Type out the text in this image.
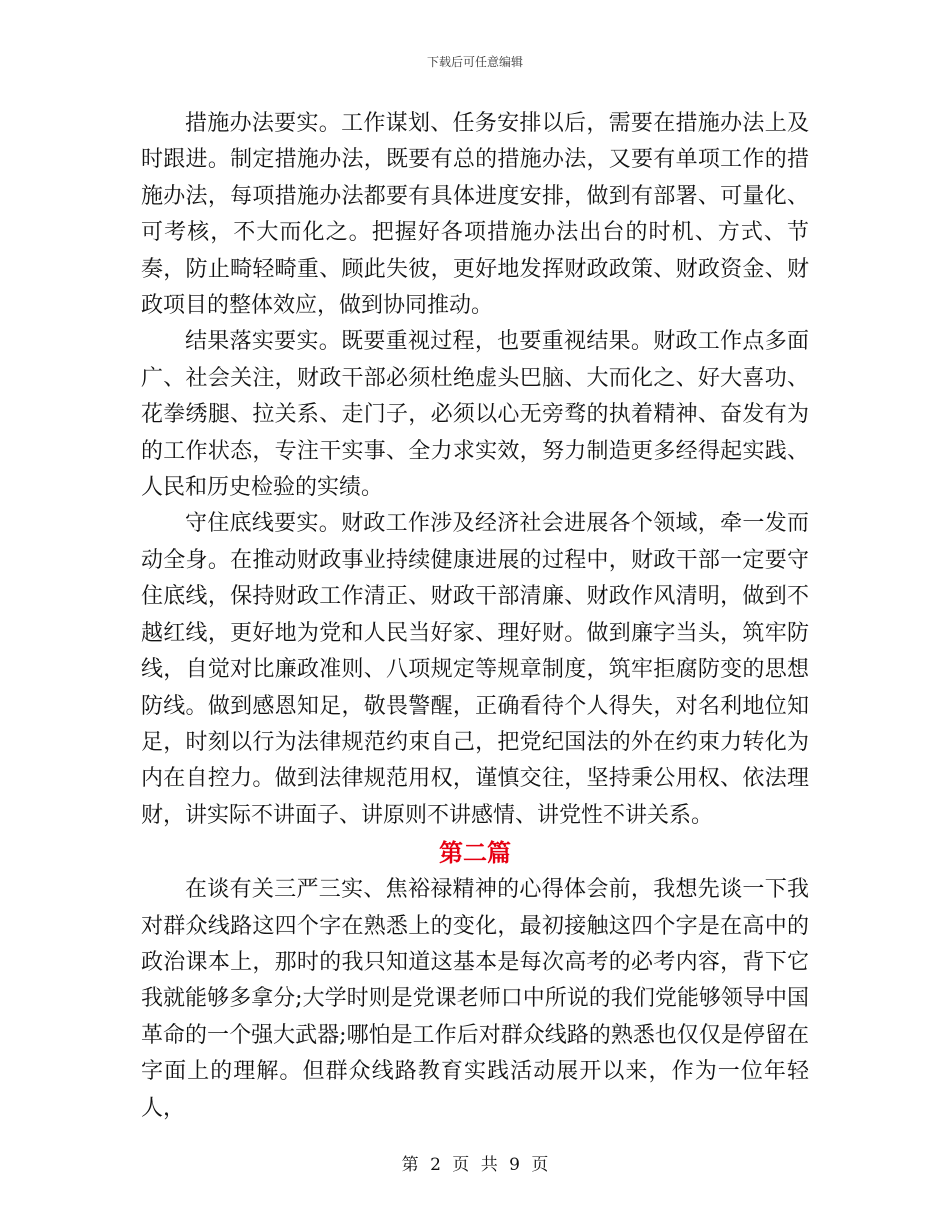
下载后可任意编辑

措施办法要实。工作谋划、任务安排以后，需要在措施办法上及时跟进。制定措施办法，既要有总的措施办法，又要有单项工作的措施办法，每项措施办法都要有具体进度安排，做到有部署、可量化、可考核，不大而化之。把握好各项措施办法出台的时机、方式、节奏，防止畸轻畸重、顾此失彼，更好地发挥财政政策、财政资金、财政项目的整体效应，做到协同推动。

结果落实要实。既要重视过程，也要重视结果。财政工作点多面广、社会关注，财政干部必须杜绝虚头巴脑、大而化之、好大喜功、花拳绣腿、拉关系、走门子，必须以心无旁骛的执着精神、奋发有为的工作状态，专注干实事、全力求实效，努力制造更多经得起实践、人民和历史检验的实绩。

守住底线要实。财政工作涉及经济社会进展各个领域，牵一发而动全身。在推动财政事业持续健康进展的过程中，财政干部一定要守住底线，保持财政工作清正、财政干部清廉、财政作风清明，做到不越红线，更好地为党和人民当好家、理好财。做到廉字当头，筑牢防线，自觉对比廉政准则、八项规定等规章制度，筑牢拒腐防变的思想防线。做到感恩知足，敬畏警醒，正确看待个人得失，对名利地位知足，时刻以行为法律规范约束自己，把党纪国法的外在约束力转化为内在自控力。做到法律规范用权，谨慎交往，坚持秉公用权、依法理财，讲实际不讲面子、讲原则不讲感情、讲党性不讲关系。

第二篇

在谈有关三严三实、焦裕禄精神的心得体会前，我想先谈一下我对群众线路这四个字在熟悉上的变化，最初接触这四个字是在高中的政治课本上，那时的我只知道这基本是每次高考的必考内容，背下它我就能够多拿分;大学时则是党课老师口中所说的我们党能够领导中国革命的一个强大武器;哪怕是工作后对群众线路的熟悉也仅仅是停留在字面上的理解。但群众线路教育实践活动展开以来，作为一位年轻人，

第 2 页 共 9 页
